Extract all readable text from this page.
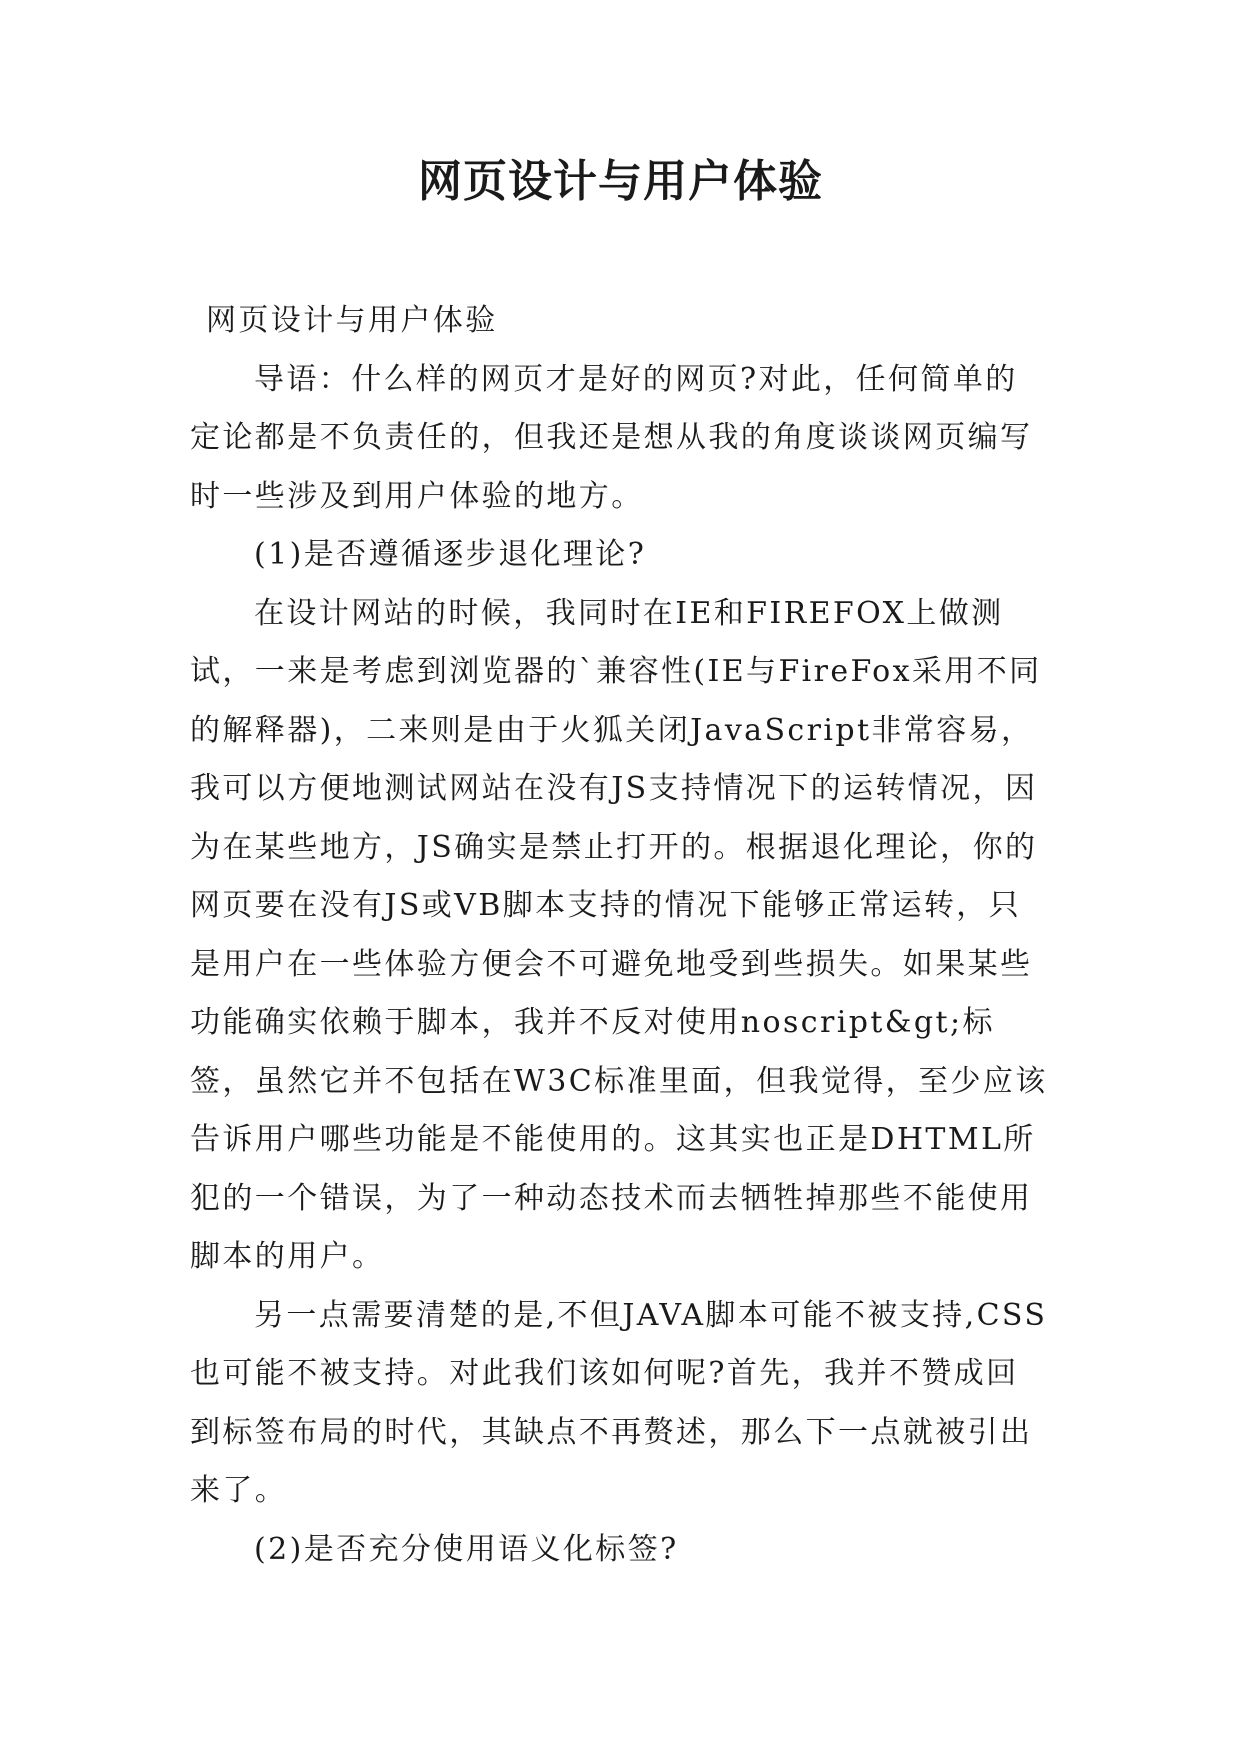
网页设计与用户体验

网页设计与用户体验

导语：什么样的网页才是好的网页?对此，任何简单的定论都是不负责任的，但我还是想从我的角度谈谈网页编写时一些涉及到用户体验的地方。

(1)是否遵循逐步退化理论?

在设计网站的时候，我同时在IE和FIREFOX上做测试，一来是考虑到浏览器的`兼容性(IE与FireFox采用不同的解释器)，二来则是由于火狐关闭JavaScript非常容易，我可以方便地测试网站在没有JS支持情况下的运转情况，因为在某些地方，JS确实是禁止打开的。根据退化理论，你的网页要在没有JS或VB脚本支持的情况下能够正常运转，只是用户在一些体验方便会不可避免地受到些损失。如果某些功能确实依赖于脚本，我并不反对使用noscript&gt;标签，虽然它并不包括在W3C标准里面，但我觉得，至少应该告诉用户哪些功能是不能使用的。这其实也正是DHTML所犯的一个错误，为了一种动态技术而去牺牲掉那些不能使用脚本的用户。

另一点需要清楚的是,不但JAVA脚本可能不被支持,CSS也可能不被支持。对此我们该如何呢?首先，我并不赞成回到标签布局的时代，其缺点不再赘述，那么下一点就被引出来了。

(2)是否充分使用语义化标签?
